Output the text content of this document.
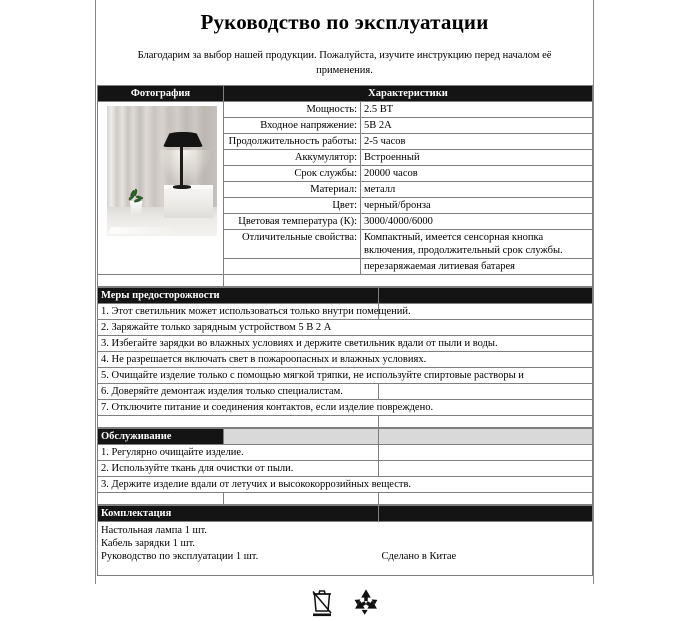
Руководство по эксплуатации

Благодарим за выбор нашей продукции. Пожалуйста, изучите инструкцию перед началом её применения.

Фотография	Характеристики	

	Мощность:	2.5 ВТ
	Входное напряжение:	5В 2А
	Продолжительность работы:	2-5 часов
	Аккумулятор:	Встроенный
	Срок службы:	20000 часов
	Материал:	металл
	Цвет:	черный/бронза
	Цветовая температура (К):	3000/4000/6000
	Отличительные свойства:	Компактный, имеется сенсорная кнопка включения, продолжительный срок службы.
		перезаряжаемая литиевая батарея

Меры предосторожности	
1. Этот светильник может использоваться только внутри помещений.	
2. Заряжайте только зарядным устройством 5 В 2 А	
3. Избегайте зарядки во влажных условиях и держите светильник вдали от пыли и воды.	
4. Не разрешается включать свет в пожароопасных и влажных условиях.	
5. Очищайте изделие только с помощью мягкой тряпки, не используйте спиртовые растворы и	
6. Доверяйте демонтаж изделия только специалистам.	
7. Отключите питание и соединения контактов, если изделие повреждено.	

Обслуживание		
1. Регулярно очищайте изделие.		
2. Используйте ткань для очистки от пыли.		
3. Держите изделие вдали от летучих и высококоррозийных веществ.		

Комплектация	

Настольная лампа 1 шт.
Кабель зарядки 1 шт.
Руководство по эксплуатации 1 шт.	Сделано в Китае
